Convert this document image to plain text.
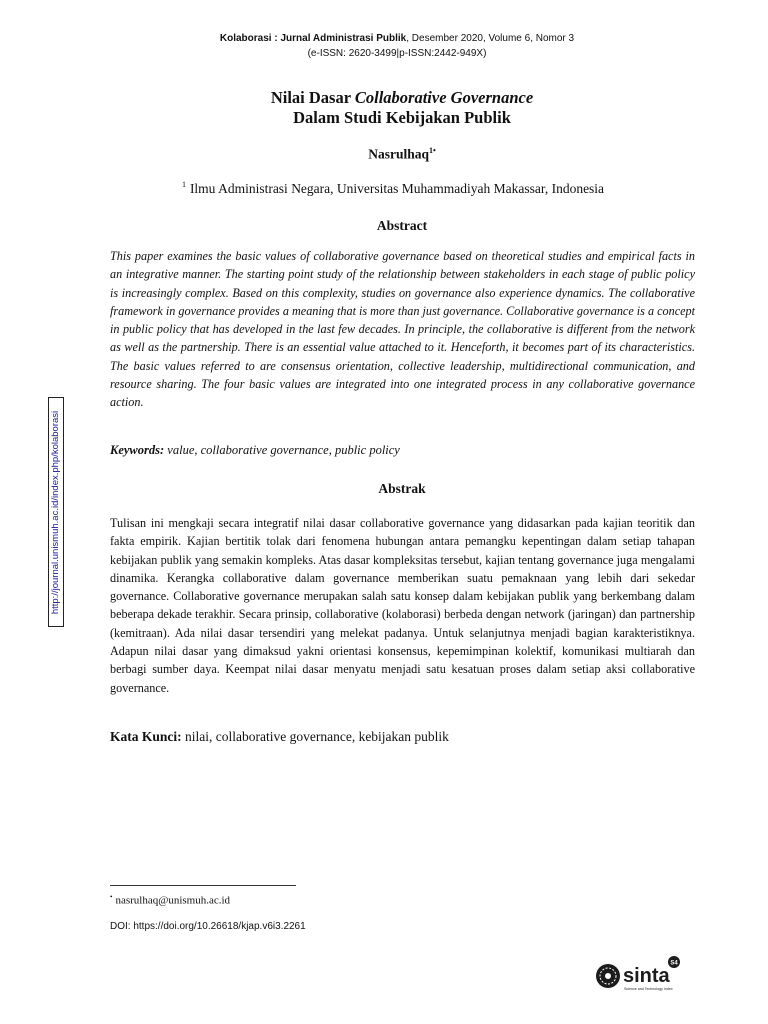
Kolaborasi : Jurnal Administrasi Publik, Desember 2020, Volume 6, Nomor 3
(e-ISSN: 2620-3499|p-ISSN:2442-949X)
Nilai Dasar Collaborative Governance
Dalam Studi Kebijakan Publik
Nasrulhaq$^{1•}$
$^1$ Ilmu Administrasi Negara, Universitas Muhammadiyah Makassar, Indonesia
Abstract
This paper examines the basic values of collaborative governance based on theoretical studies and empirical facts in an integrative manner. The starting point study of the relationship between stakeholders in each stage of public policy is increasingly complex. Based on this complexity, studies on governance also experience dynamics. The collaborative framework in governance provides a meaning that is more than just governance. Collaborative governance is a concept in public policy that has developed in the last few decades. In principle, the collaborative is different from the network as well as the partnership. There is an essential value attached to it. Henceforth, it becomes part of its characteristics. The basic values referred to are consensus orientation, collective leadership, multidirectional communication, and resource sharing. The four basic values are integrated into one integrated process in any collaborative governance action.
Keywords: value, collaborative governance, public policy
Abstrak
Tulisan ini mengkaji secara integratif nilai dasar collaborative governance yang didasarkan pada kajian teoritik dan fakta empirik. Kajian bertitik tolak dari fenomena hubungan antara pemangku kepentingan dalam setiap tahapan kebijakan publik yang semakin kompleks. Atas dasar kompleksitas tersebut, kajian tentang governance juga mengalami dinamika. Kerangka collaborative dalam governance memberikan suatu pemaknaan yang lebih dari sekedar governance. Collaborative governance merupakan salah satu konsep dalam kebijakan publik yang berkembang dalam beberapa dekade terakhir. Secara prinsip, collaborative (kolaborasi) berbeda dengan network (jaringan) dan partnership (kemitraan). Ada nilai dasar tersendiri yang melekat padanya. Untuk selanjutnya menjadi bagian karakteristiknya. Adapun nilai dasar yang dimaksud yakni orientasi konsensus, kepemimpinan kolektif, komunikasi multiarah dan berbagi sumber daya. Keempat nilai dasar menyatu menjadi satu kesatuan proses dalam setiap aksi collaborative governance.
Kata Kunci: nilai, collaborative governance, kebijakan publik
http://journal.unismuh.ac.id/index.php/kolaborasi
• nasrulhaq@unismuh.ac.id
DOI: https://doi.org/10.26618/kjap.v6i3.2261
sinta
S4
Science and Technology Index
